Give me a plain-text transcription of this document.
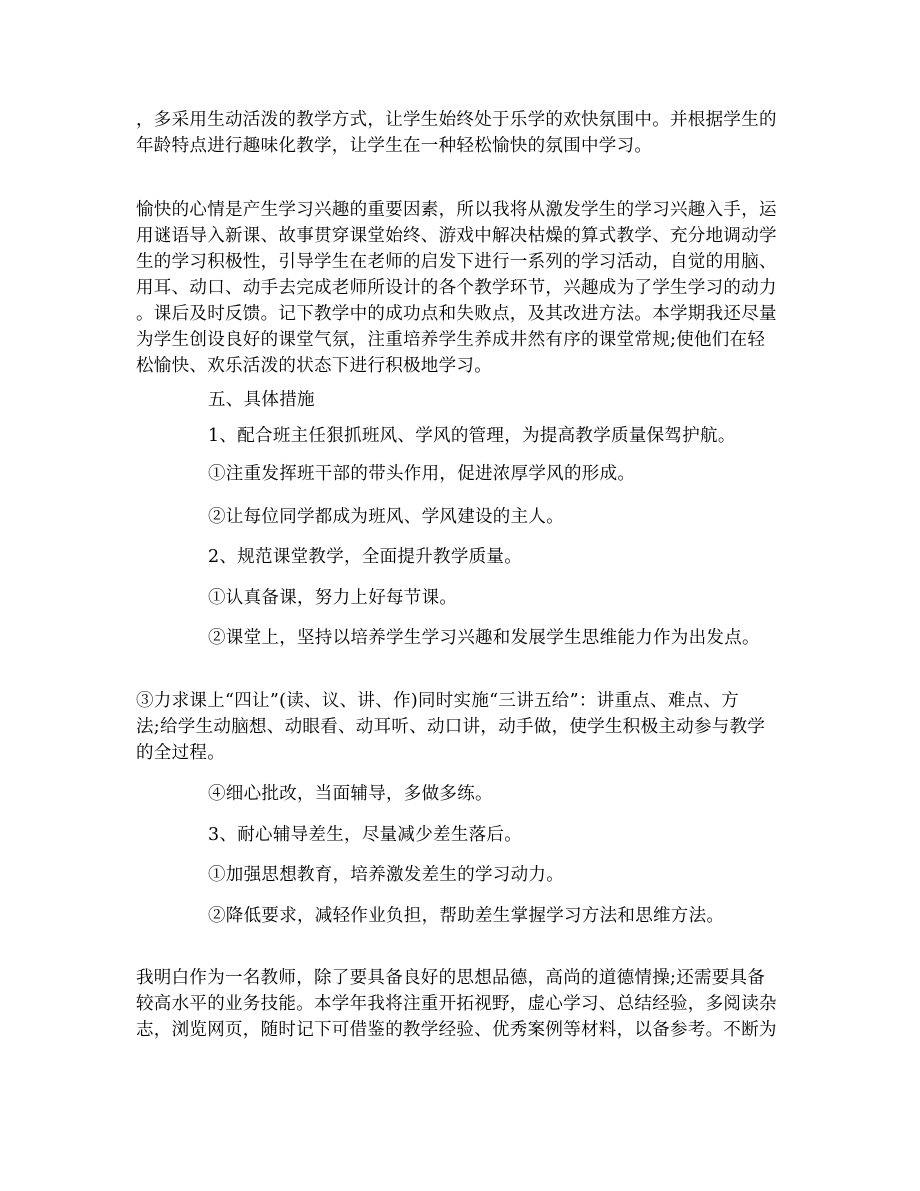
，多采用生动活泼的教学方式，让学生始终处于乐学的欢快氛围中。并根据学生的
年龄特点进行趣味化教学，让学生在一种轻松愉快的氛围中学习。
愉快的心情是产生学习兴趣的重要因素，所以我将从激发学生的学习兴趣入手，运
用谜语导入新课、故事贯穿课堂始终、游戏中解决枯燥的算式教学、充分地调动学
生的学习积极性，引导学生在老师的启发下进行一系列的学习活动，自觉的用脑、
用耳、动口、动手去完成老师所设计的各个教学环节，兴趣成为了学生学习的动力
。课后及时反馈。记下教学中的成功点和失败点，及其改进方法。本学期我还尽量
为学生创设良好的课堂气氛，注重培养学生养成井然有序的课堂常规;使他们在轻
松愉快、欢乐活泼的状态下进行积极地学习。
五、具体措施
1、配合班主任狠抓班风、学风的管理，为提高教学质量保驾护航。
①注重发挥班干部的带头作用，促进浓厚学风的形成。
②让每位同学都成为班风、学风建设的主人。
2、规范课堂教学，全面提升教学质量。
①认真备课，努力上好每节课。
②课堂上，坚持以培养学生学习兴趣和发展学生思维能力作为出发点。
③力求课上“四让”(读、议、讲、作)同时实施“三讲五给”：讲重点、难点、方
法;给学生动脑想、动眼看、动耳听、动口讲，动手做，使学生积极主动参与教学
的全过程。
④细心批改，当面辅导，多做多练。
3、耐心辅导差生，尽量减少差生落后。
①加强思想教育，培养激发差生的学习动力。
②降低要求，减轻作业负担，帮助差生掌握学习方法和思维方法。
我明白作为一名教师，除了要具备良好的思想品德，高尚的道德情操;还需要具备
较高水平的业务技能。本学年我将注重开拓视野，虚心学习、总结经验，多阅读杂
志，浏览网页，随时记下可借鉴的教学经验、优秀案例等材料，以备参考。不断为
